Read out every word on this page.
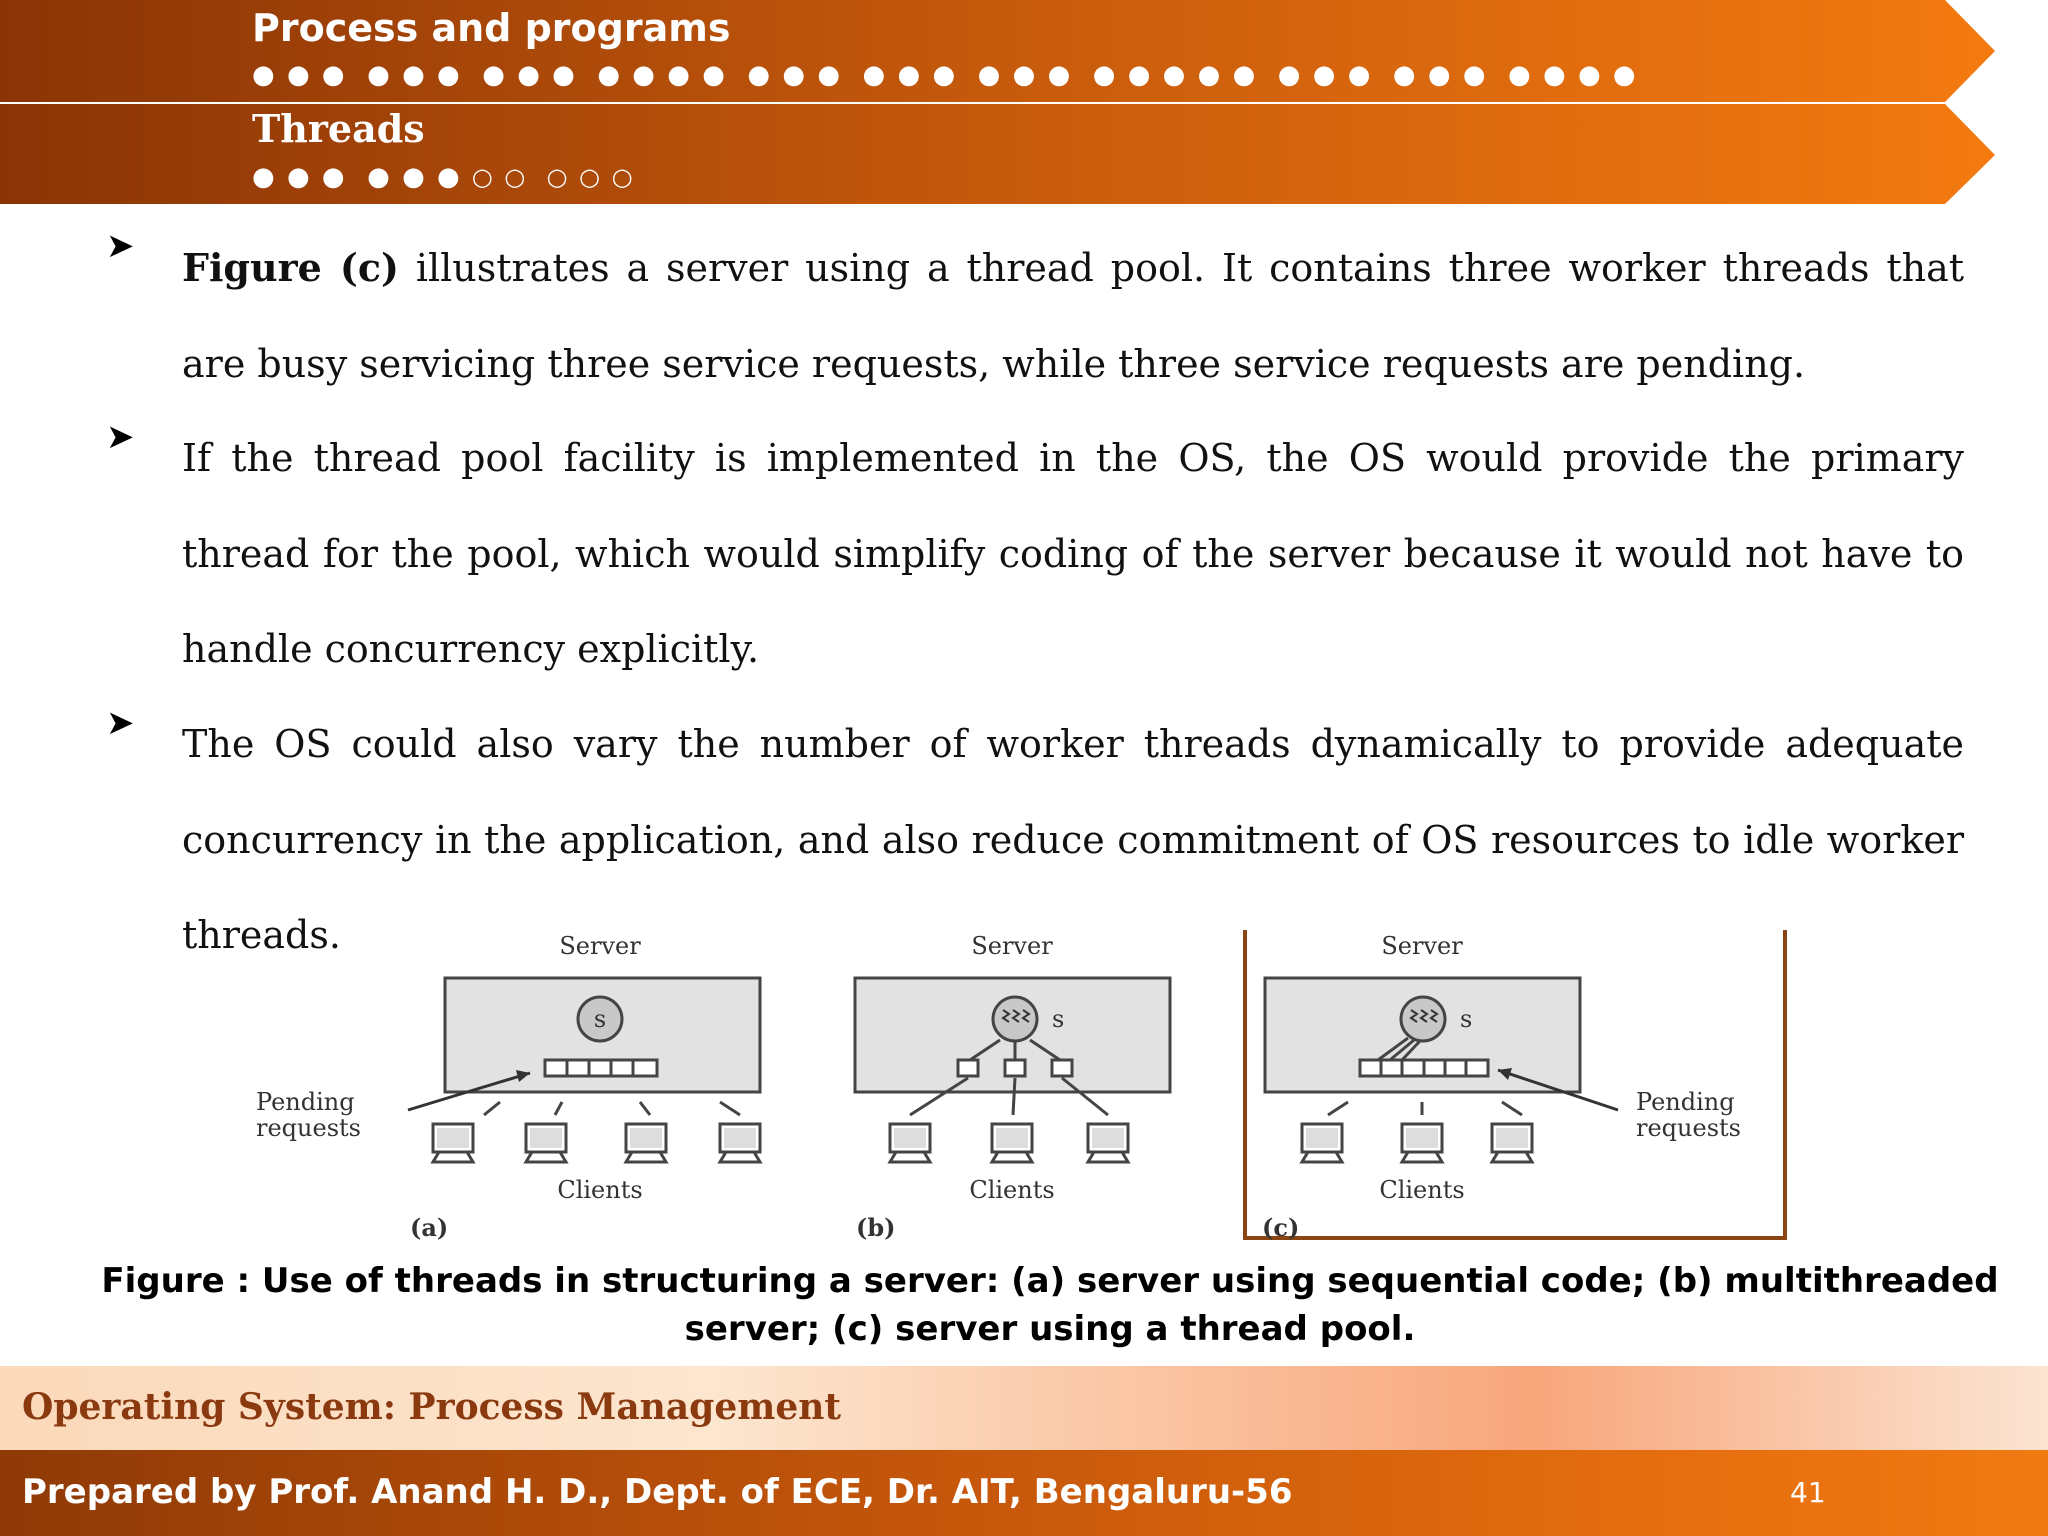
Process and programs
● ● ●  ● ● ●  ● ● ●  ● ● ● ●  ● ● ●  ● ● ●  ● ● ●  ● ● ● ● ●  ● ● ●  ● ● ●  ● ● ● ●
Threads
● ● ●  ● ● ● ○ ○  ○ ○ ○
➤ Figure (c) illustrates a server using a thread pool. It contains three worker threads that are busy servicing three service requests, while three service requests are pending.
➤ If the thread pool facility is implemented in the OS, the OS would provide the primary thread for the pool, which would simplify coding of the server because it would not have to handle concurrency explicitly.
➤ The OS could also vary the number of worker threads dynamically to provide adequate concurrency in the application, and also reduce commitment of OS resources to idle worker threads.	Server
s
Pending
requests
Clients
(a)
Server
s
Clients
(b)
Server
s
Pending
requests
Clients
(c)
Figure : Use of threads in structuring a server: (a) server using sequential code; (b) multithreaded server; (c) server using a thread pool.
Operating System: Process Management
Prepared by Prof. Anand H. D., Dept. of ECE, Dr. AIT, Bengaluru-56	41
